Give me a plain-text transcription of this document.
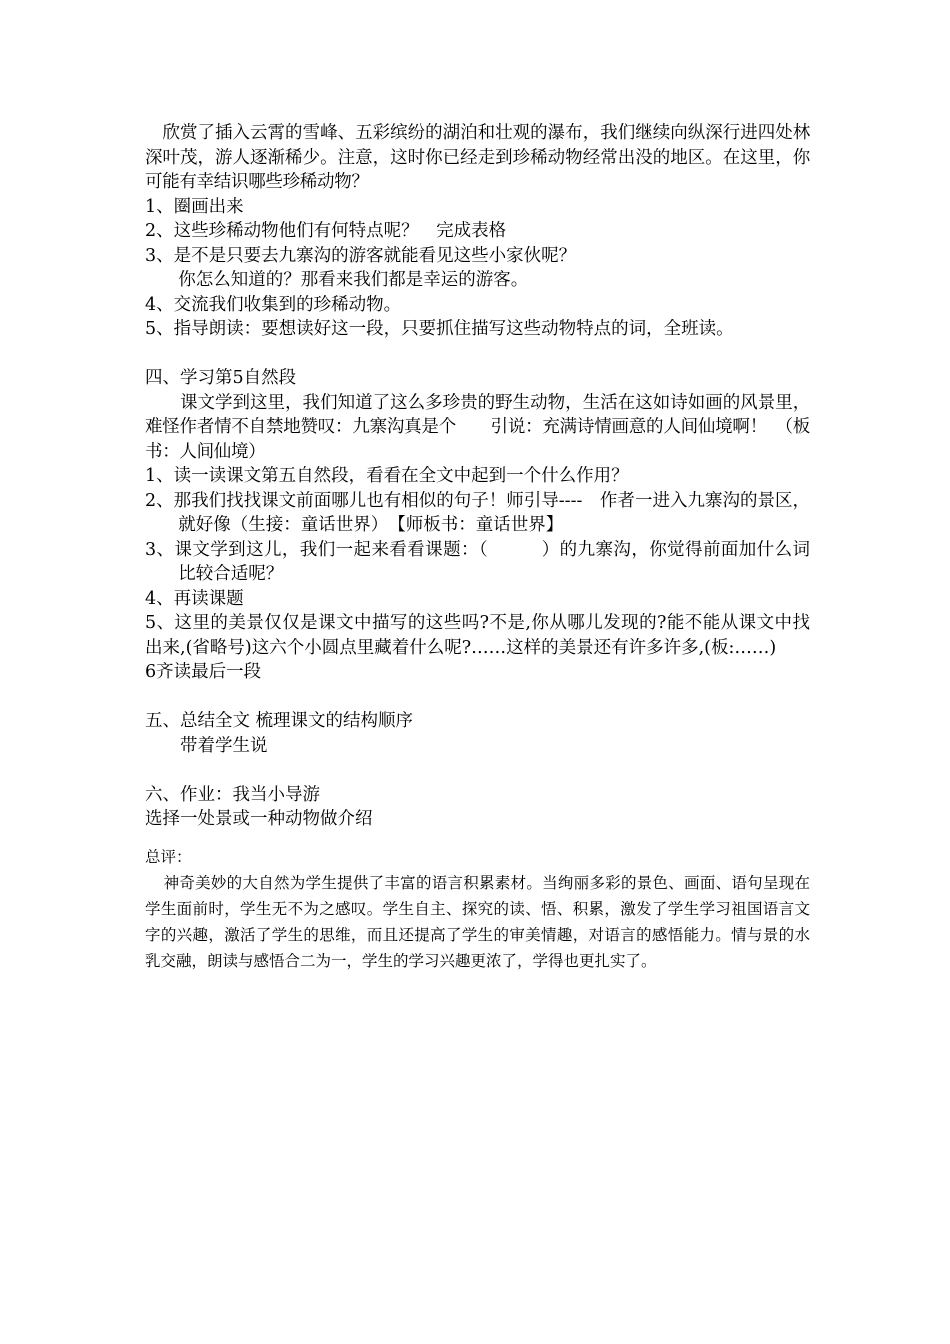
　欣赏了插入云霄的雪峰、五彩缤纷的湖泊和壮观的瀑布，我们继续向纵深行进四处林深叶茂，游人逐渐稀少。注意，这时你已经走到珍稀动物经常出没的地区。在这里，你可能有幸结识哪些珍稀动物？
1、圈画出来
2、这些珍稀动物他们有何特点呢？　完成表格
3、是不是只要去九寨沟的游客就能看见这些小家伙呢？
你怎么知道的？那看来我们都是幸运的游客。
4、交流我们收集到的珍稀动物。
5、指导朗读：要想读好这一段，只要抓住描写这些动物特点的词，全班读。
四、学习第5自然段
课文学到这里，我们知道了这么多珍贵的野生动物，生活在这如诗如画的风景里，难怪作者情不自禁地赞叹：九寨沟真是个　　引说：充满诗情画意的人间仙境啊！　（板书：人间仙境）
1、读一读课文第五自然段，看看在全文中起到一个什么作用？
2、那我们找找课文前面哪儿也有相似的句子！师引导----　作者一进入九寨沟的景区，就好像（生接：童话世界）　【师板书：童话世界】
3、课文学到这儿，我们一起来看看课题：（　　　）的九寨沟，你觉得前面加什么词比较合适呢？
4、再读课题
5、这里的美景仅仅是课文中描写的这些吗?不是,你从哪儿发现的?能不能从课文中找出来,(省略号)这六个小圆点里藏着什么呢?……这样的美景还有许多许多,(板:……)
6齐读最后一段
五、总结全文 梳理课文的结构顺序
带着学生说
六、作业：我当小导游
选择一处景或一种动物做介绍
总评：
神奇美妙的大自然为学生提供了丰富的语言积累素材。当绚丽多彩的景色、画面、语句呈现在学生面前时，学生无不为之感叹。学生自主、探究的读、悟、积累，激发了学生学习祖国语言文字的兴趣，激活了学生的思维，而且还提高了学生的审美情趣，对语言的感悟能力。情与景的水乳交融，朗读与感悟合二为一，学生的学习兴趣更浓了，学得也更扎实了。
